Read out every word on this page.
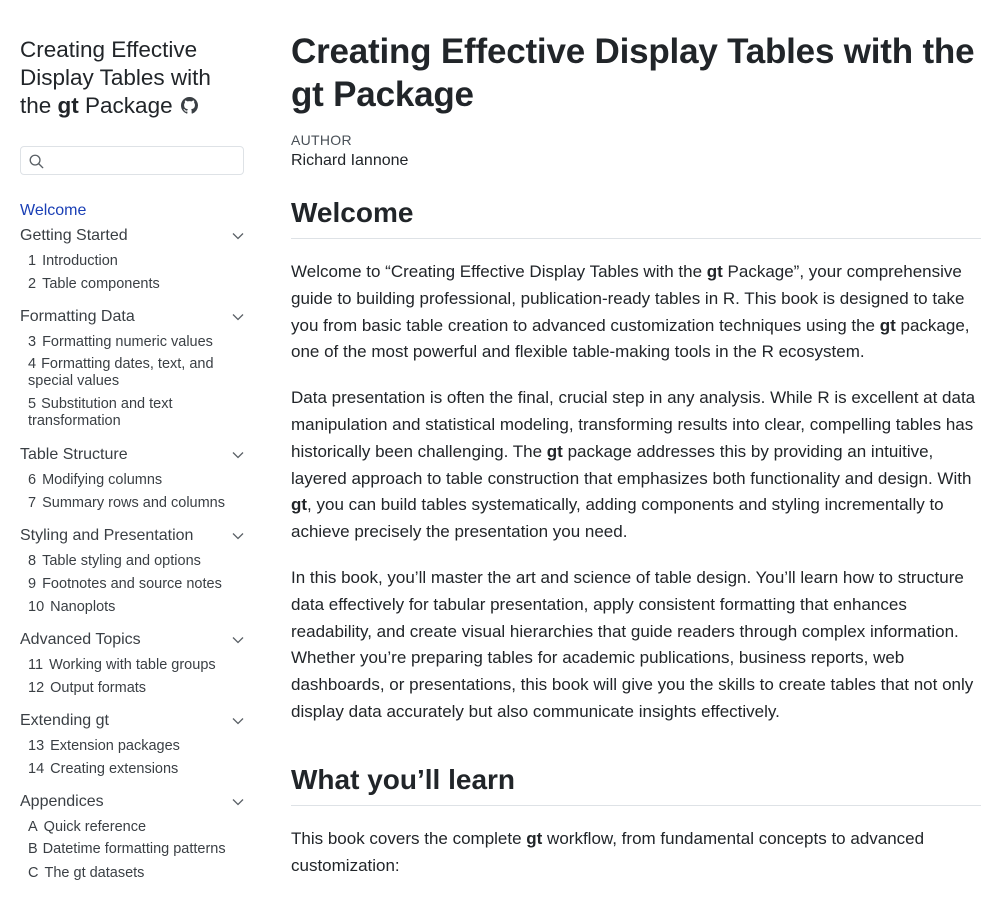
Creating Effective Display Tables with the gt Package
Welcome
Getting Started
1 Introduction
2 Table components
Formatting Data
3 Formatting numeric values
4 Formatting dates, text, and special values
5 Substitution and text transformation
Table Structure
6 Modifying columns
7 Summary rows and columns
Styling and Presentation
8 Table styling and options
9 Footnotes and source notes
10 Nanoplots
Advanced Topics
11 Working with table groups
12 Output formats
Extending gt
13 Extension packages
14 Creating extensions
Appendices
A Quick reference
B Datetime formatting patterns
C The gt datasets
Creating Effective Display Tables with the gt Package
AUTHOR
Richard Iannone
Welcome

Welcome to “Creating Effective Display Tables with the gt Package”, your comprehensive guide to building professional, publication-ready tables in R. This book is designed to take you from basic table creation to advanced customization techniques using the gt package, one of the most powerful and flexible table-making tools in the R ecosystem.

Data presentation is often the final, crucial step in any analysis. While R is excellent at data manipulation and statistical modeling, transforming results into clear, compelling tables has historically been challenging. The gt package addresses this by providing an intuitive, layered approach to table construction that emphasizes both functionality and design. With gt, you can build tables systematically, adding components and styling incrementally to achieve precisely the presentation you need.

In this book, you’ll master the art and science of table design. You’ll learn how to structure data effectively for tabular presentation, apply consistent formatting that enhances readability, and create visual hierarchies that guide readers through complex information. Whether you’re preparing tables for academic publications, business reports, web dashboards, or presentations, this book will give you the skills to create tables that not only display data accurately but also communicate insights effectively.

What you’ll learn

This book covers the complete gt workflow, from fundamental concepts to advanced customization:
